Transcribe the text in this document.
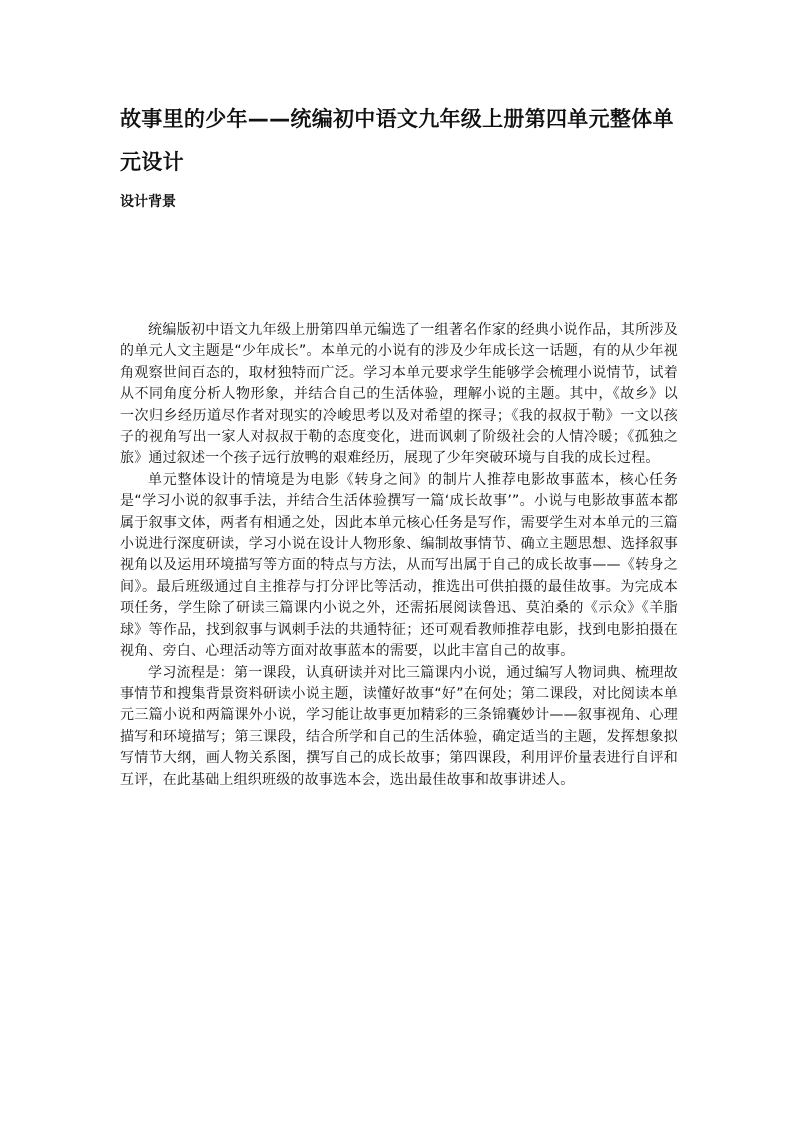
故事里的少年——统编初中语文九年级上册第四单元整体单元设计
设计背景

统编版初中语文九年级上册第四单元编选了一组著名作家的经典小说作品，其所涉及的单元人文主题是“少年成长”。本单元的小说有的涉及少年成长这一话题，有的从少年视角观察世间百态的，取材独特而广泛。学习本单元要求学生能够学会梳理小说情节，试着从不同角度分析人物形象，并结合自己的生活体验，理解小说的主题。其中，《故乡》以一次归乡经历道尽作者对现实的冷峻思考以及对希望的探寻；《我的叔叔于勒》一文以孩子的视角写出一家人对叔叔于勒的态度变化，进而讽刺了阶级社会的人情冷暖；《孤独之旅》通过叙述一个孩子远行放鸭的艰难经历，展现了少年突破环境与自我的成长过程。

单元整体设计的情境是为电影《转身之间》的制片人推荐电影故事蓝本，核心任务是“学习小说的叙事手法，并结合生活体验撰写一篇‘成长故事’”。小说与电影故事蓝本都属于叙事文体，两者有相通之处，因此本单元核心任务是写作，需要学生对本单元的三篇小说进行深度研读，学习小说在设计人物形象、编制故事情节、确立主题思想、选择叙事视角以及运用环境描写等方面的特点与方法，从而写出属于自己的成长故事——《转身之间》。最后班级通过自主推荐与打分评比等活动，推选出可供拍摄的最佳故事。为完成本项任务，学生除了研读三篇课内小说之外，还需拓展阅读鲁迅、莫泊桑的《示众》《羊脂球》等作品，找到叙事与讽刺手法的共通特征；还可观看教师推荐电影，找到电影拍摄在视角、旁白、心理活动等方面对故事蓝本的需要，以此丰富自己的故事。

学习流程是：第一课段，认真研读并对比三篇课内小说，通过编写人物词典、梳理故事情节和搜集背景资料研读小说主题，读懂好故事“好”在何处；第二课段，对比阅读本单元三篇小说和两篇课外小说，学习能让故事更加精彩的三条锦囊妙计——叙事视角、心理描写和环境描写；第三课段，结合所学和自己的生活体验，确定适当的主题，发挥想象拟写情节大纲，画人物关系图，撰写自己的成长故事；第四课段，利用评价量表进行自评和互评，在此基础上组织班级的故事选本会，选出最佳故事和故事讲述人。
